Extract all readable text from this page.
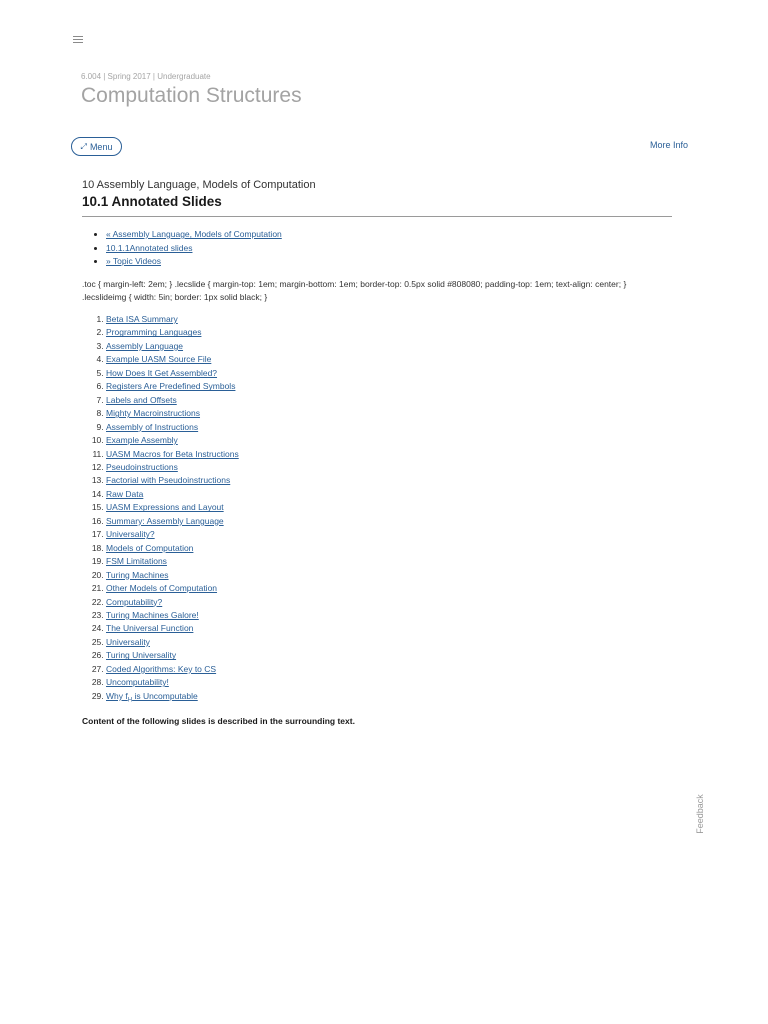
6.004 | Spring 2017 | Undergraduate
Computation Structures
⤢ Menu	More Info
10 Assembly Language, Models of Computation
10.1 Annotated Slides
• « Assembly Language, Models of Computation
• 10.1.1Annotated slides
• » Topic Videos
.toc { margin-left: 2em; } .lecslide { margin-top: 1em; margin-bottom: 1em; border-top: 0.5px solid #808080; padding-top: 1em; text-align: center; } .lecslideimg { width: 5in; border: 1px solid black; }
1. Beta ISA Summary
2. Programming Languages
3. Assembly Language
4. Example UASM Source File
5. How Does It Get Assembled?
6. Registers Are Predefined Symbols
7. Labels and Offsets
8. Mighty Macroinstructions
9. Assembly of Instructions
10. Example Assembly
11. UASM Macros for Beta Instructions
12. Pseudoinstructions
13. Factorial with Pseudoinstructions
14. Raw Data
15. UASM Expressions and Layout
16. Summary: Assembly Language
17. Universality?
18. Models of Computation
19. FSM Limitations
20. Turing Machines
21. Other Models of Computation
22. Computability?
23. Turing Machines Galore!
24. The Universal Function
25. Universality
26. Turing Universality
27. Coded Algorithms: Key to CS
28. Uncomputability!
29. Why $f_H$ is Uncomputable
Content of the following slides is described in the surrounding text.
Feedback
